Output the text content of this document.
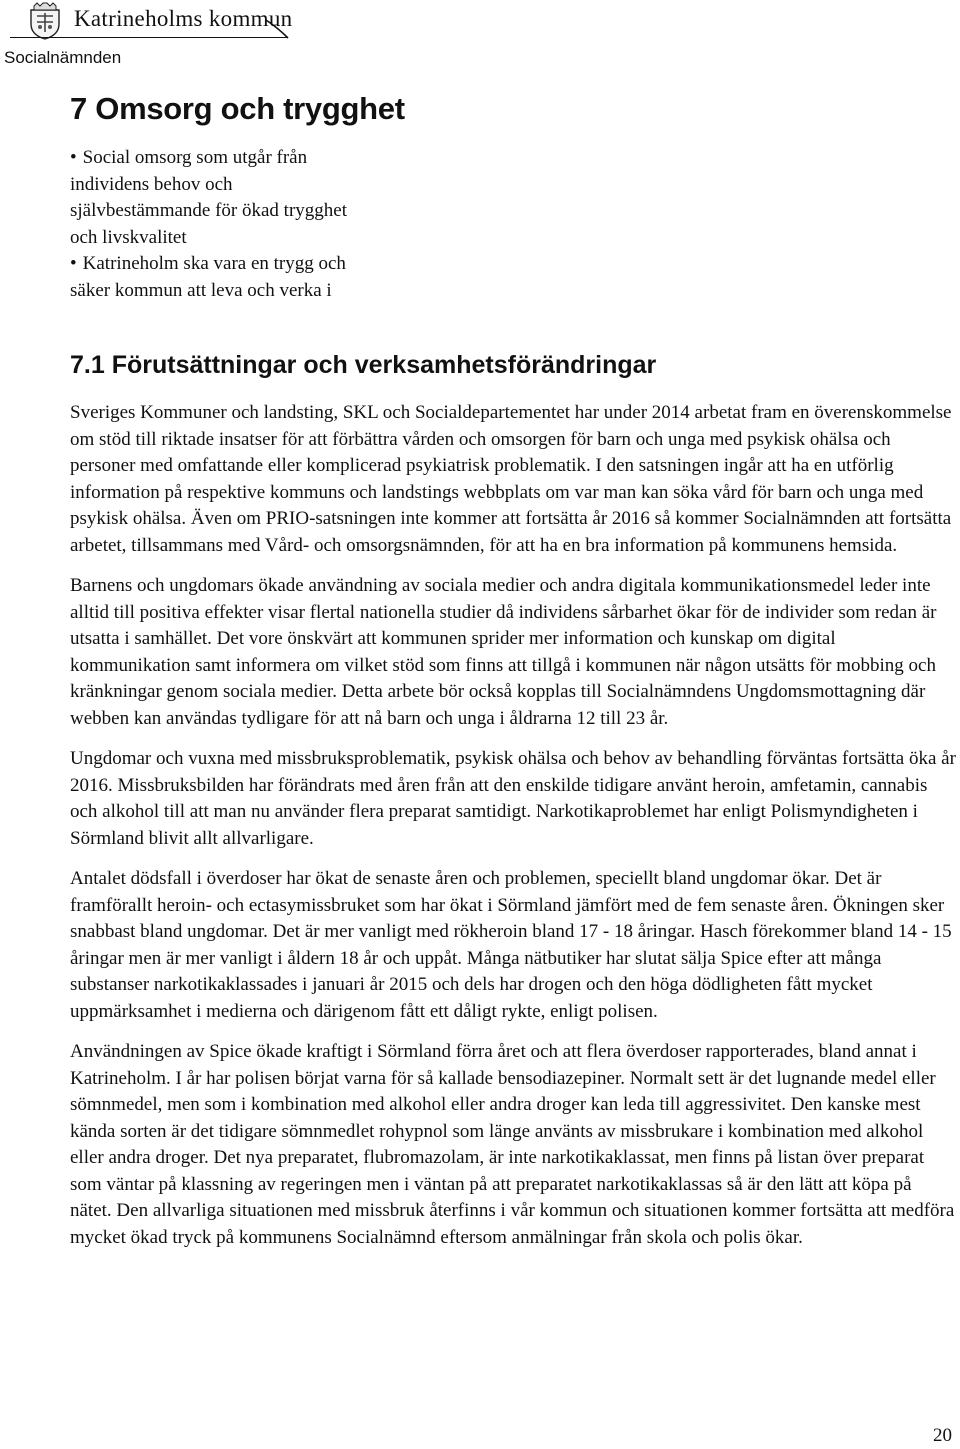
Katrineholms kommun
Socialnämnden
7 Omsorg och trygghet
• Social omsorg som utgår från individens behov och självbestämmande för ökad trygghet och livskvalitet
• Katrineholm ska vara en trygg och säker kommun att leva och verka i
7.1 Förutsättningar och verksamhetsförändringar

Sveriges Kommuner och landsting, SKL och Socialdepartementet har under 2014 arbetat fram en överenskommelse om stöd till riktade insatser för att förbättra vården och omsorgen för barn och unga med psykisk ohälsa och personer med omfattande eller komplicerad psykiatrisk problematik. I den satsningen ingår att ha en utförlig information på respektive kommuns och landstings webbplats om var man kan söka vård för barn och unga med psykisk ohälsa. Även om PRIO-satsningen inte kommer att fortsätta år 2016 så kommer Socialnämnden att fortsätta arbetet, tillsammans med Vård- och omsorgsnämnden, för att ha en bra information på kommunens hemsida.

Barnens och ungdomars ökade användning av sociala medier och andra digitala kommunikationsmedel leder inte alltid till positiva effekter visar flertal nationella studier då individens sårbarhet ökar för de individer som redan är utsatta i samhället. Det vore önskvärt att kommunen sprider mer information och kunskap om digital kommunikation samt informera om vilket stöd som finns att tillgå i kommunen när någon utsätts för mobbing och kränkningar genom sociala medier. Detta arbete bör också kopplas till Socialnämndens Ungdomsmottagning där webben kan användas tydligare för att nå barn och unga i åldrarna 12 till 23 år.

Ungdomar och vuxna med missbruksproblematik, psykisk ohälsa och behov av behandling förväntas fortsätta öka år 2016. Missbruksbilden har förändrats med åren från att den enskilde tidigare använt heroin, amfetamin, cannabis och alkohol till att man nu använder flera preparat samtidigt. Narkotikaproblemet har enligt Polismyndigheten i Sörmland blivit allt allvarligare.

Antalet dödsfall i överdoser har ökat de senaste åren och problemen, speciellt bland ungdomar ökar. Det är framförallt heroin- och ectasymissbruket som har ökat i Sörmland jämfört med de fem senaste åren. Ökningen sker snabbast bland ungdomar. Det är mer vanligt med rökheroin bland 17 - 18 åringar. Hasch förekommer bland 14 - 15 åringar men är mer vanligt i åldern 18 år och uppåt. Många nätbutiker har slutat sälja Spice efter att många substanser narkotikaklassades i januari år 2015 och dels har drogen och den höga dödligheten fått mycket uppmärksamhet i medierna och därigenom fått ett dåligt rykte, enligt polisen.

Användningen av Spice ökade kraftigt i Sörmland förra året och att flera överdoser rapporterades, bland annat i Katrineholm. I år har polisen börjat varna för så kallade bensodiazepiner. Normalt sett är det lugnande medel eller sömnmedel, men som i kombination med alkohol eller andra droger kan leda till aggressivitet. Den kanske mest kända sorten är det tidigare sömnmedlet rohypnol som länge använts av missbrukare i kombination med alkohol eller andra droger. Det nya preparatet, flubromazolam, är inte narkotikaklassat, men finns på listan över preparat som väntar på klassning av regeringen men i väntan på att preparatet narkotikaklassas så är den lätt att köpa på nätet. Den allvarliga situationen med missbruk återfinns i vår kommun och situationen kommer fortsätta att medföra mycket ökad tryck på kommunens Socialnämnd eftersom anmälningar från skola och polis ökar.

20
